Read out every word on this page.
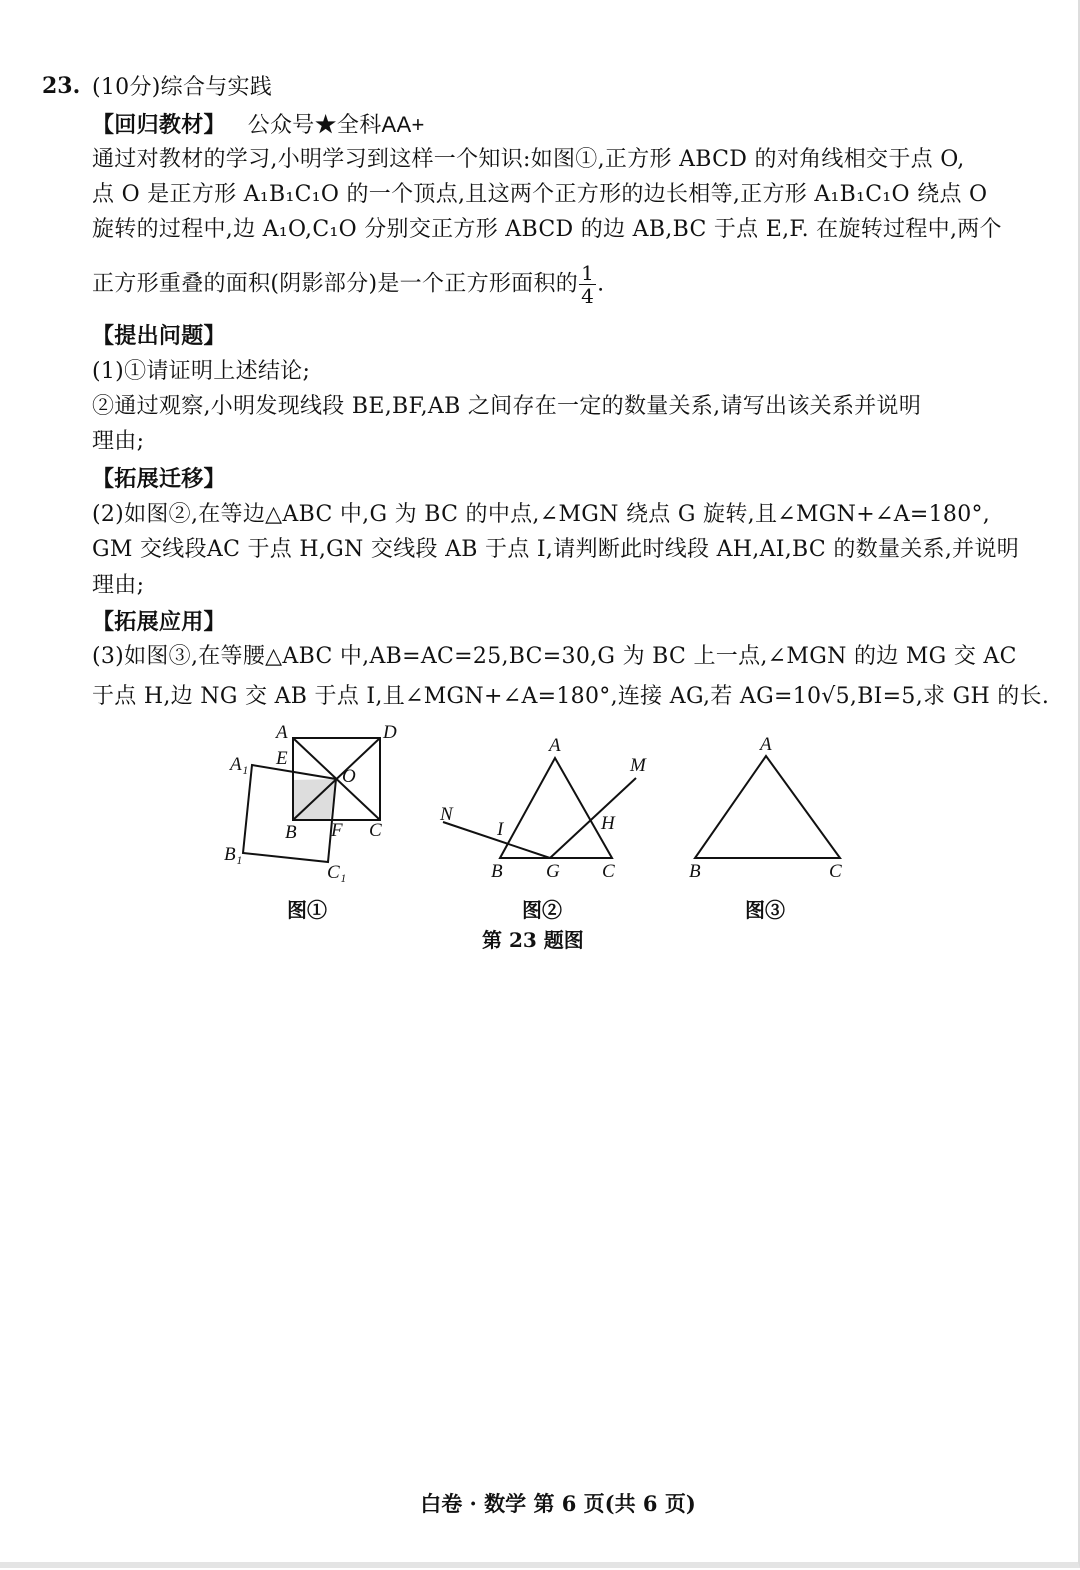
23. (10分)综合与实践
【回归教材】 公众号★全科AA+
通过对教材的学习,小明学习到这样一个知识:如图①,正方形 ABCD 的对角线相交于点 O,
点 O 是正方形 A₁B₁C₁O 的一个顶点,且这两个正方形的边长相等,正方形 A₁B₁C₁O 绕点 O
旋转的过程中,边 A₁O,C₁O 分别交正方形 ABCD 的边 AB,BC 于点 E,F. 在旋转过程中,两个
正方形重叠的面积(阴影部分)是一个正方形面积的 $\frac{1}{4}$ .
【提出问题】
(1)①请证明上述结论;
②通过观察,小明发现线段 BE,BF,AB 之间存在一定的数量关系,请写出该关系并说明
理由;
【拓展迁移】
(2)如图②,在等边△ABC 中,G 为 BC 的中点,∠MGN 绕点 G 旋转,且∠MGN+∠A=180°,
GM 交线段AC 于点 H,GN 交线段 AB 于点 I,请判断此时线段 AH,AI,BC 的数量关系,并说明
理由;
【拓展应用】
(3)如图③,在等腰△ABC 中,AB=AC=25,BC=30,G 为 BC 上一点,∠MGN 的边 MG 交 AC
于点 H,边 NG 交 AB 于点 I,且∠MGN+∠A=180°,连接 AG,若 AG=10√5,BI=5,求 GH 的长.
A	D
A₁ E
O
B F C
B₁
C₁
A
M
N
I	H
B G C
A
B	C
图①	图②	图③
第 23 题图
白卷 · 数学 第 6 页(共 6 页)
